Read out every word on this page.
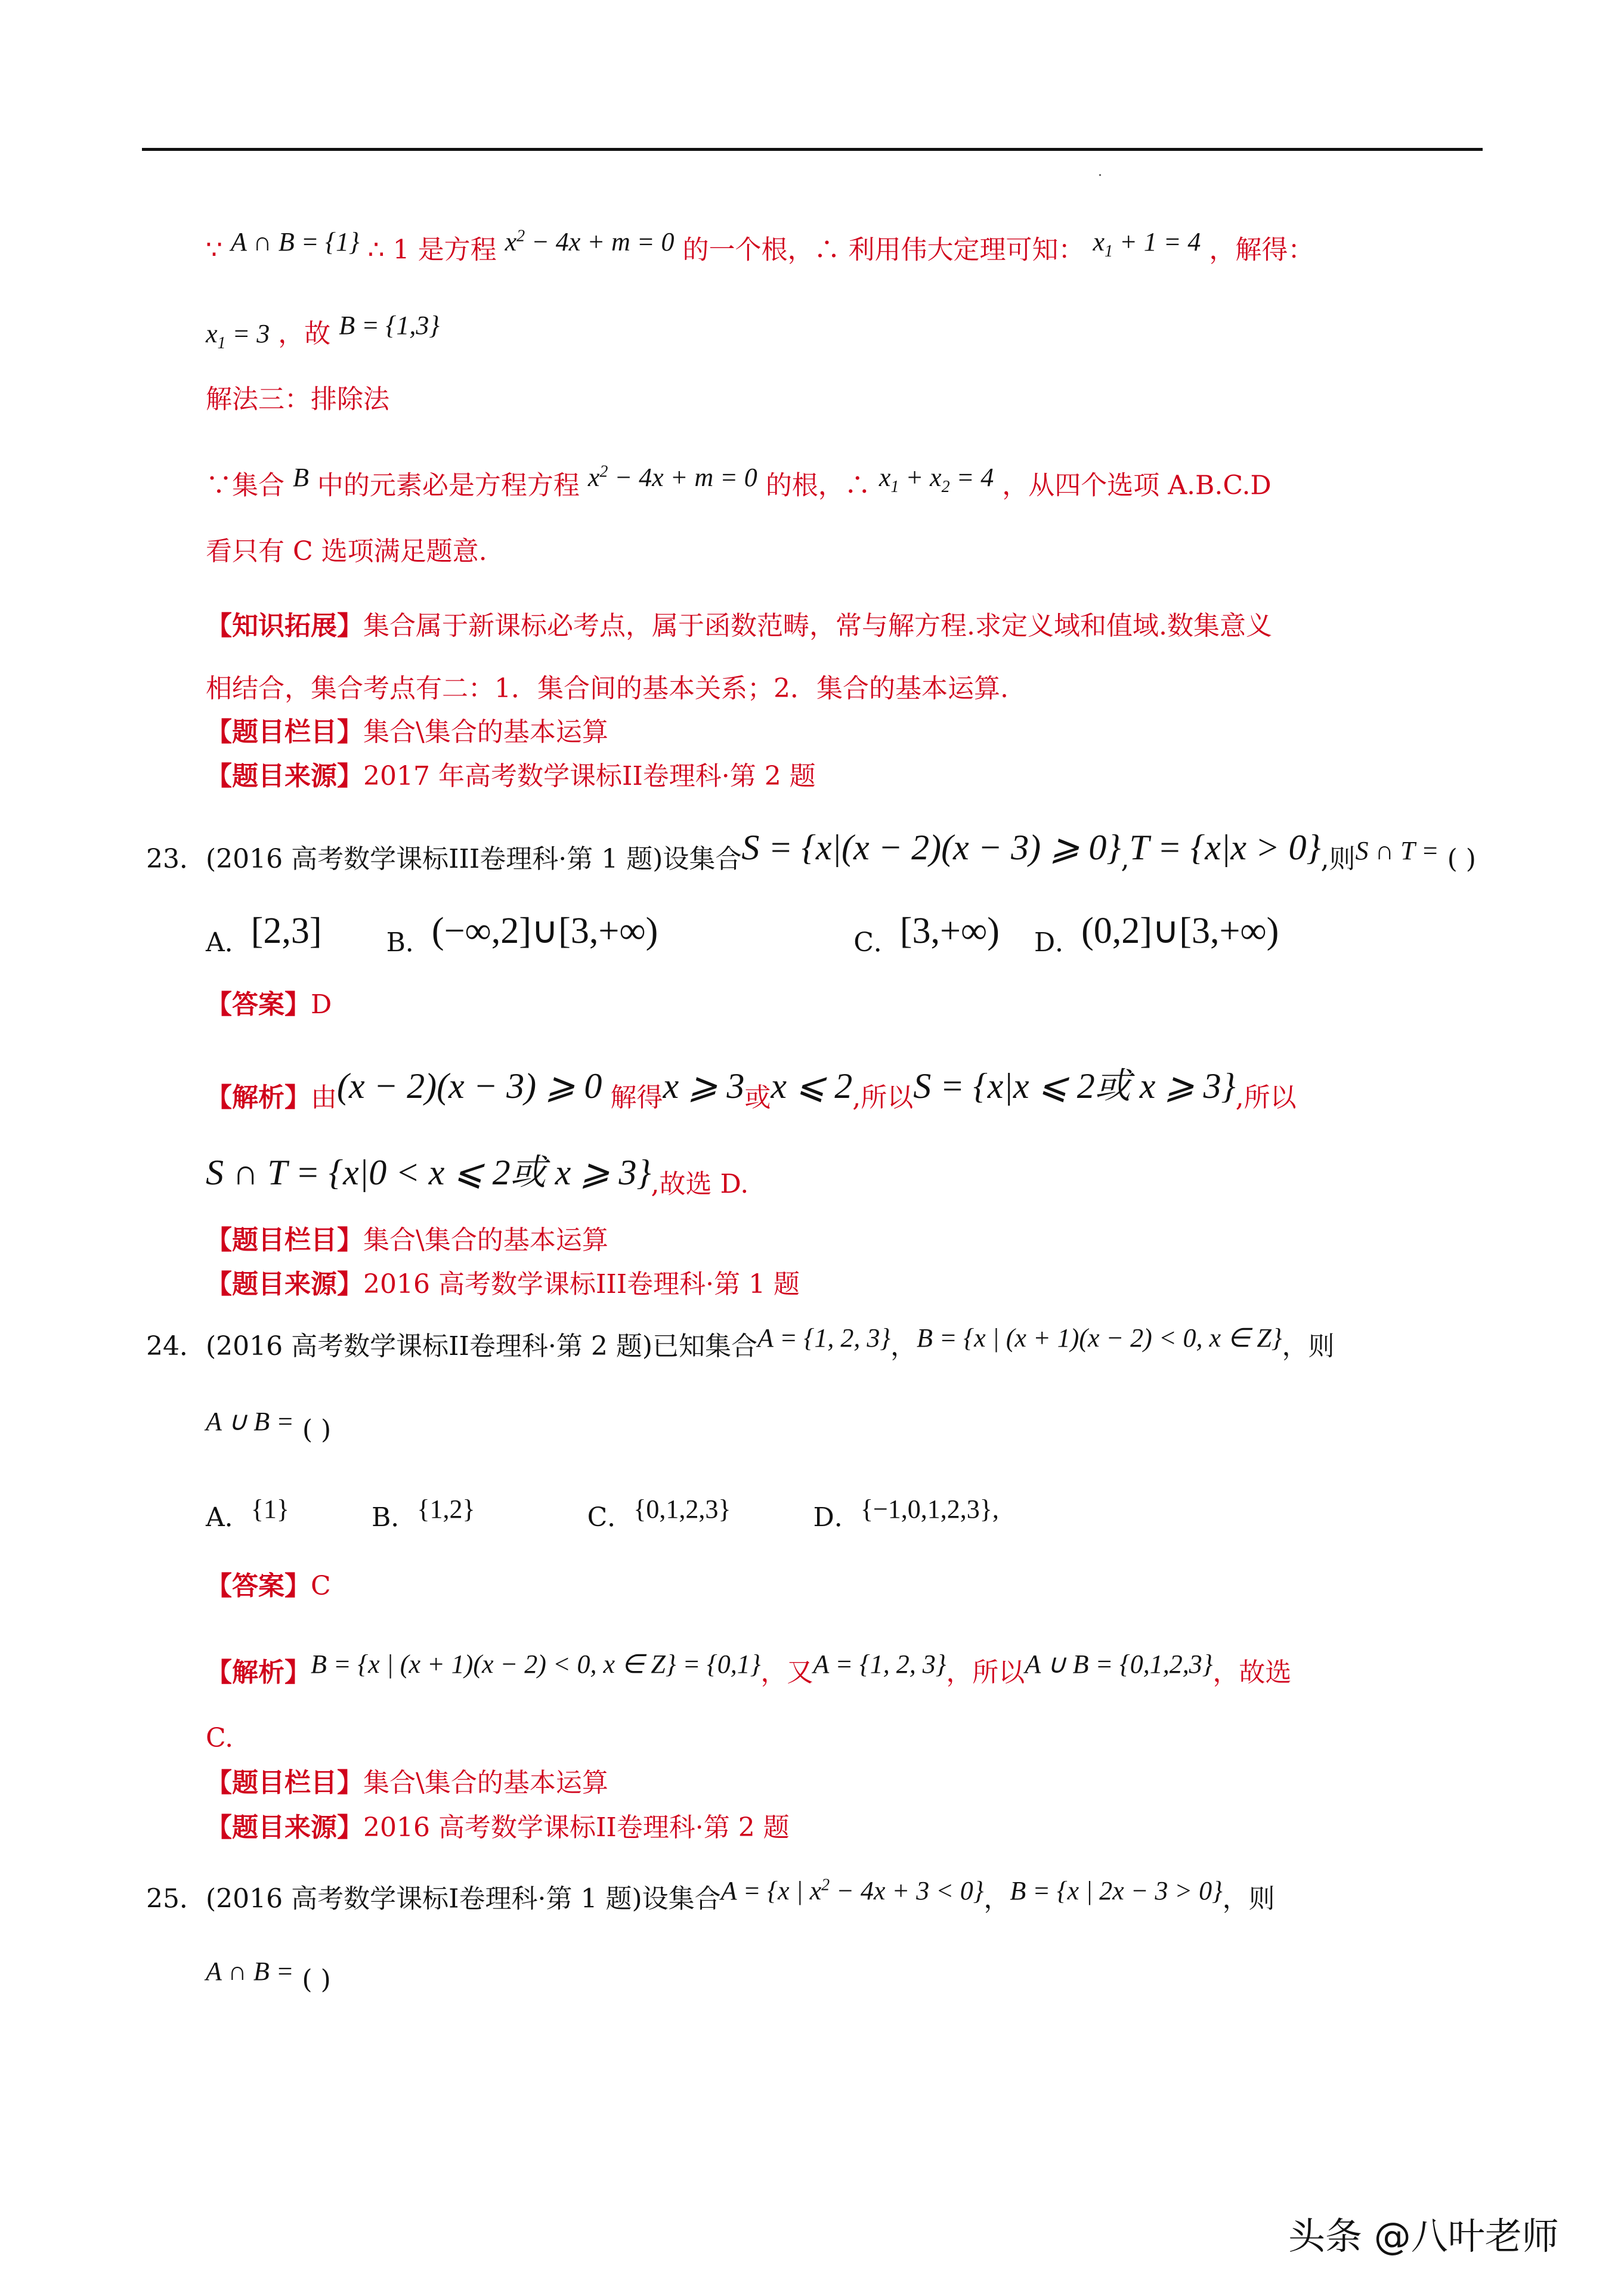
∵ A ∩ B = {1} ∴ 1 是方程 $x^2 - 4x + m = 0$ 的一个根，∴ 利用伟大定理可知： $x_1 + 1 = 4$ ，解得：
$x_1 = 3$ ，故 B = {1,3}
解法三：排除法
∵集合 B 中的元素必是方程方程 $x^2 - 4x + m = 0$ 的根，∴ $x_1 + x_2 = 4$ ，从四个选项 A.B.C.D
看只有 C 选项满足题意.
【知识拓展】集合属于新课标必考点，属于函数范畴，常与解方程.求定义域和值域.数集意义
相结合，集合考点有二：1．集合间的基本关系；2．集合的基本运算.
【题目栏目】集合\集合的基本运算
【题目来源】2017 年高考数学课标II卷理科·第 2 题
23．(2016 高考数学课标III卷理科·第 1 题)设集合S = {x|(x − 2)(x − 3) ⩾ 0},T = {x|x > 0},则S ∩ T = ( )
A．[2,3] B．(−∞,2]∪[3,+∞)	C．[3,+∞) D．(0,2]∪[3,+∞)
【答案】D
【解析】由(x − 2)(x − 3) ⩾ 0 解得x ⩾ 3或x ⩽ 2,所以S = {x|x ⩽ 2或 x ⩾ 3},所以
S ∩ T = {x|0 < x ⩽ 2或 x ⩾ 3},故选 D.
【题目栏目】集合\集合的基本运算
【题目来源】2016 高考数学课标III卷理科·第 1 题
24．(2016 高考数学课标II卷理科·第 2 题)已知集合A = {1, 2, 3}，B = {x | (x + 1)(x − 2) < 0, x ∈ Z}，则
A ∪ B = ( )
A．{1}	B．{1,2}	C．{0,1,2,3}	D．{−1,0,1,2,3},
【答案】C
【解析】B = {x | (x + 1)(x − 2) < 0, x ∈ Z} = {0,1}，又A = {1, 2, 3}，所以A ∪ B = {0,1,2,3}，故选
C.
【题目栏目】集合\集合的基本运算
【题目来源】2016 高考数学课标II卷理科·第 2 题
25．(2016 高考数学课标I卷理科·第 1 题)设集合A = {x | $x^2 - 4x + 3 < 0$}，B = {x | 2x − 3 > 0}，则
A ∩ B = ( )
头条 @八叶老师
